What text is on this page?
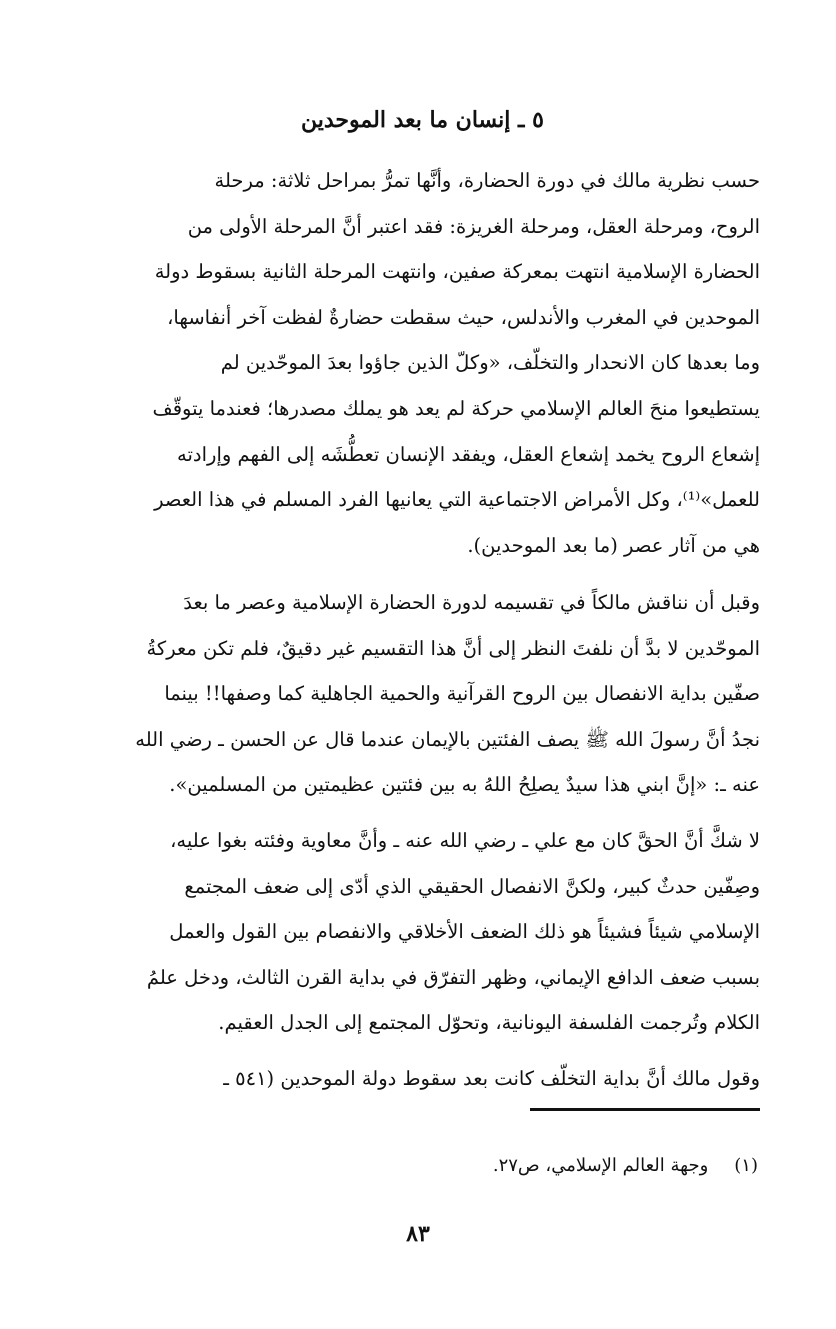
٥ ـ إنسان ما بعد الموحدين
حسب نظرية مالك في دورة الحضارة، وأنَّها تمرُّ بمراحل ثلاثة: مرحلة
الروح، ومرحلة العقل، ومرحلة الغريزة: فقد اعتبر أنَّ المرحلة الأولى من
الحضارة الإسلامية انتهت بمعركة صفين، وانتهت المرحلة الثانية بسقوط دولة
الموحدين في المغرب والأندلس، حيث سقطت حضارةٌ لفظت آخر أنفاسها،
وما بعدها كان الانحدار والتخلّف، «وكلّ الذين جاؤوا بعدَ الموحّدين لم
يستطيعوا منحَ العالم الإسلامي حركة لم يعد هو يملك مصدرها؛ فعندما يتوقّف
إشعاع الروح يخمد إشعاع العقل، ويفقد الإنسان تعطُّشَه إلى الفهم وإرادته
للعمل»⁽¹⁾، وكل الأمراض الاجتماعية التي يعانيها الفرد المسلم في هذا العصر
هي من آثار عصر (ما بعد الموحدين).
وقبل أن نناقش مالكاً في تقسيمه لدورة الحضارة الإسلامية وعصر ما بعدَ
الموحّدين لا بدَّ أن نلفتَ النظر إلى أنَّ هذا التقسيم غير دقيقٌ، فلم تكن معركةُ
صفّين بداية الانفصال بين الروح القرآنية والحمية الجاهلية كما وصفها!! بينما
نجدُ أنَّ رسولَ الله ﷺ يصف الفئتين بالإيمان عندما قال عن الحسن ـ رضي الله
عنه ـ: «إنَّ ابني هذا سيدٌ يصلِحُ اللهُ به بين فئتين عظيمتين من المسلمين».
لا شكَّ أنَّ الحقَّ كان مع علي ـ رضي الله عنه ـ وأنَّ معاوية وفئته بغوا عليه،
وصِفّين حدثٌ كبير، ولكنَّ الانفصال الحقيقي الذي أدّى إلى ضعف المجتمع
الإسلامي شيئاً فشيئاً هو ذلك الضعف الأخلاقي والانفصام بين القول والعمل
بسبب ضعف الدافع الإيماني، وظهر التفرّق في بداية القرن الثالث، ودخل علمُ
الكلام وتُرجمت الفلسفة اليونانية، وتحوّل المجتمع إلى الجدل العقيم.
وقول مالك أنَّ بداية التخلّف كانت بعد سقوط دولة الموحدين (٥٤١ ـ
(١)وجهة العالم الإسلامي، ص٢٧.
٨٣
